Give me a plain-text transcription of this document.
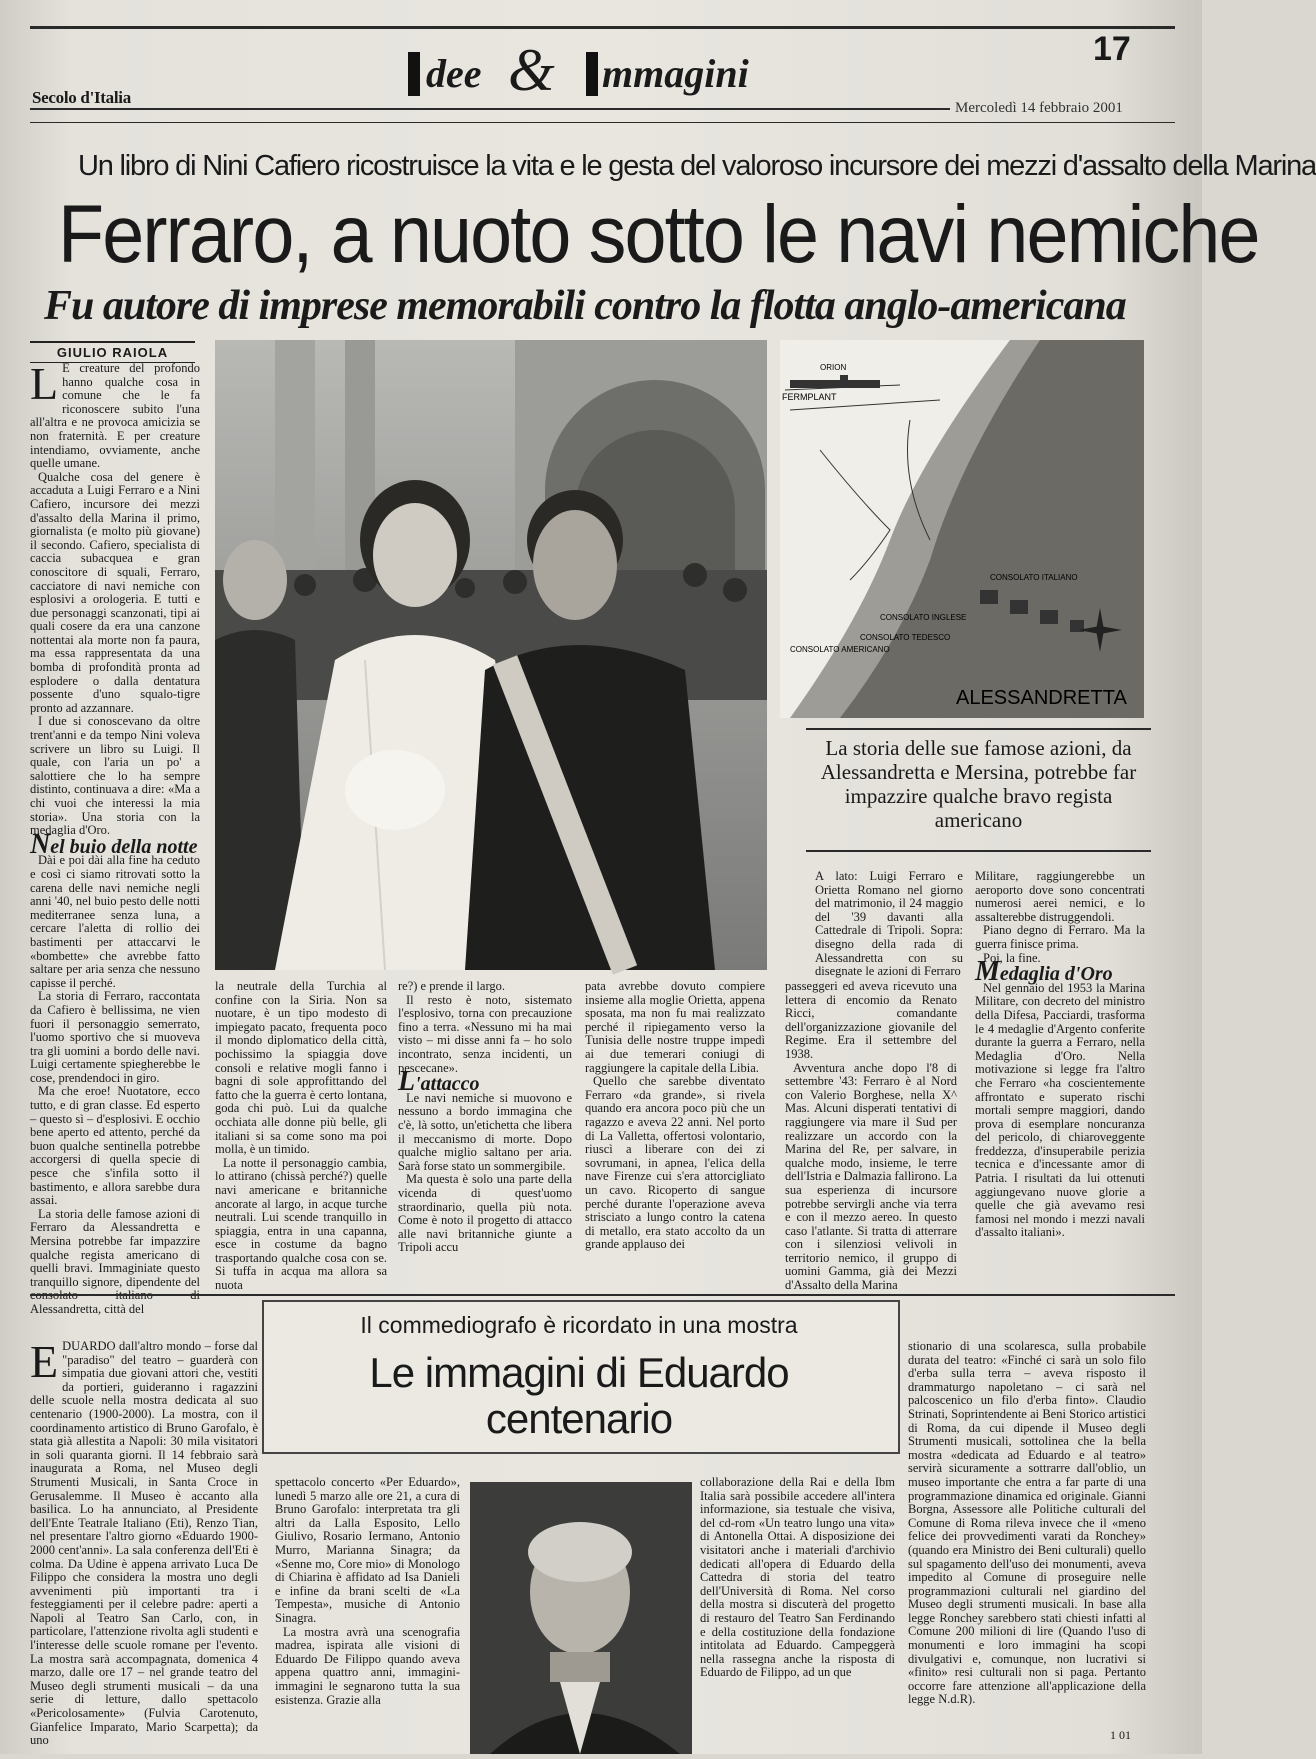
Secolo d'Italia
dee & mmagini
17
Mercoledì 14 febbraio 2001
Un libro di Nini Cafiero ricostruisce la vita e le gesta del valoroso incursore dei mezzi d'assalto della Marina
Ferraro, a nuoto sotto le navi nemiche
Fu autore di imprese memorabili contro la flotta anglo-americana
GIULIO RAIOLA
L E creature del profondo hanno qualche cosa in comune che le fa riconoscere subito l'una all'altra e ne provoca amicizia se non fraternità. E per creature intendiamo, ovviamente, anche quelle umane.

Qualche cosa del genere è accaduta a Luigi Ferraro e a Nini Cafiero, incursore dei mezzi d'assalto della Marina il primo, giornalista (e molto più giovane) il secondo. Cafiero, specialista di caccia subacquea e gran conoscitore di squali, Ferraro, cacciatore di navi nemiche con esplosivi a orologeria. E tutti e due personaggi scanzonati, tipi ai quali cosere da era una canzone nottentai ala morte non fa paura, ma essa rappresentata da una bomba di profondità pronta ad esplodere o dalla dentatura possente d'uno squalo-tigre pronto ad azzannare.

I due si conoscevano da oltre trent'anni e da tempo Nini voleva scrivere un libro su Luigi. Il quale, con l'aria un po' a salottiere che lo ha sempre distinto, continuava a dire: «Ma a chi vuoi che interessi la mia storia». Una storia con la medaglia d'Oro.

Nel buio della notte

Dài e poi dài alla fine ha ceduto e così ci siamo ritrovati sotto la carena delle navi nemiche negli anni '40, nel buio pesto delle notti mediterranee senza luna, a cercare l'aletta di rollio dei bastimenti per attaccarvi le «bombette» che avrebbe fatto saltare per aria senza che nessuno capisse il perché.

La storia di Ferraro, raccontata da Cafiero è bellissima, ne vien fuori il personaggio semerrato, l'uomo sportivo che si muoveva tra gli uomini a bordo delle navi. Luigi certamente spiegherebbe le cose, prendendoci in giro.

Ma che eroe! Nuotatore, ecco tutto, e di gran classe. Ed esperto – questo sì – d'esplosivi. E occhio bene aperto ed attento, perché da buon qualche sentinella potrebbe accorgersi di quella specie di pesce che s'infila sotto il bastimento, e allora sarebbe dura assai.

La storia delle famose azioni di Ferraro da Alessandretta e Mersina potrebbe far impazzire qualche regista americano di quelli bravi. Immaginiate questo tranquillo signore, dipendente del Alessandretta, città del

FERMPLANT
ORION
CONSOLATO AMERICANO
CONSOLATO INGLESE
CONSOLATO TEDESCO
CONSOLATO ITALIANO
ALESSANDRETTA
La storia delle sue famose azioni, da Alessandretta e Mersina, potrebbe far impazzire qualche bravo regista americano

la neutrale della Turchia al confine con la Siria. Non sa nuotare, è un tipo modesto di impiegato pacato, frequenta poco il mondo diplomatico della città, pochissimo la spiaggia dove consoli e relative mogli fanno i bagni di sole approfittando del fatto che la guerra è certo lontana, goda chi può. Lui da qualche occhiata alle donne più belle, gli italiani si sa come sono ma poi molla, è un timido.

La notte il personaggio cambia, lo attirano (chissà perché?) quelle navi americane e britanniche ancorate al largo, in acque turche neutrali. Lui scende tranquillo in spiaggia, entra in una capanna, esce in costume da bagno trasportando qualche cosa con se. Si tuffa in acqua ma allora sa nuota

re?) e prende il largo.

Il resto è noto, sistemato l'esplosivo, torna con precauzione fino a terra. «Nessuno mi ha mai visto – mi disse anni fa – ho solo incontrato, senza incidenti, un pescecane».

L'attacco

Le navi nemiche si muovono e nessuno a bordo immagina che c'è, là sotto, un'etichetta che libera il meccanismo di morte. Dopo qualche miglio saltano per aria. Sarà forse stato un sommergibile.

Ma questa è solo una parte della vicenda di quest'uomo straordinario, quella più nota. Come è noto il progetto di attacco alle navi britanniche giunte a Tripoli accu

pata avrebbe dovuto compiere insieme alla moglie Orietta, appena sposata, ma non fu mai realizzato perché il ripiegamento verso la Tunisia delle nostre truppe impedì ai due temerari coniugi di raggiungere la capitale della Libia.

Quello che sarebbe diventato Ferraro «da grande», si rivela quando era ancora poco più che un ragazzo e aveva 22 anni. Nel porto di La Valletta, offertosi volontario, riuscì a liberare con dei zi sovrumani, in apnea, l'elica della nave Firenze cui s'era attorcigliato un cavo. Ricoperto di sangue perché durante l'operazione aveva strisciato a lungo contro la catena di metallo, era stato accolto da un grande applauso dei

A lato: Luigi Ferraro e Orietta Romano nel giorno del matrimonio, il 24 maggio del '39 davanti alla Cattedrale di Tripoli. Sopra: disegno della rada di Alessandretta con su disegnate le azioni di Ferraro

passeggeri ed aveva ricevuto una lettera di encomio da Renato Ricci, comandante dell'organizzazione giovanile del Regime. Era il settembre del 1938.

Avventura anche dopo l'8 di settembre '43: Ferraro è al Nord con Valerio Borghese, nella X^ Mas. Alcuni disperati tentativi di raggiungere via mare il Sud per realizzare un accordo con la Marina del Re, per salvare, in qualche modo, insieme, le terre dell'Istria e Dalmazia fallirono. La sua esperienza di incursore potrebbe servirgli anche via terra e con il mezzo aereo. In questo caso l'atlante. Si tratta di atterrare con i silenziosi velivoli in territorio nemico, il gruppo di uomini Gamma, già dei Mezzi d'Assalto della Marina

Militare, raggiungerebbe un aeroporto dove sono concentrati numerosi aerei nemici, e lo assalterebbe distruggendoli.

Piano degno di Ferraro. Ma la guerra finisce prima.

Poi, la fine.

Medaglia d'Oro

Nel gennaio del 1953 la Marina Militare, con decreto del ministro della Difesa, Pacciardi, trasforma le 4 medaglie d'Argento conferite durante la guerra a Ferraro, nella Medaglia d'Oro. Nella motivazione si legge fra l'altro che Ferraro «ha coscientemente affrontato e superato rischi mortali sempre maggiori, dando prova di esemplare noncuranza del pericolo, di chiaroveggente freddezza, d'insuperabile perizia tecnica e d'incessante amor di Patria. I risultati da lui ottenuti aggiungevano nuove glorie a quelle che già avevamo resi famosi nel mondo i mezzi navali d'assalto italiani».

Il commediografo è ricordato in una mostra
Le immagini di Eduardo
centenario
E DUARDO dall'altro mondo – forse dal "paradiso" del teatro – guarderà con simpatia due giovani attori che, vestiti da portieri, guideranno i ragazzini delle scuole nella mostra dedicata al suo centenario (1900-2000). La mostra, con il coordinamento artistico di Bruno Garofalo, è stata già allestita a Napoli: 30 mila visitatori in soli quaranta giorni. Il 14 febbraio sarà inaugurata a Roma, nel Museo degli Strumenti Musicali, in Santa Croce in Gerusalemme. Il Museo è accanto alla basilica. Lo ha annunciato, al Presidente dell'Ente Teatrale Italiano (Eti), Renzo Tian, nel presentare l'altro giorno «Eduardo 1900-2000 cent'anni». La sala conferenza dell'Eti è colma. Da Udine è appena arrivato Luca De Filippo che considera la mostra uno degli avvenimenti più importanti tra i festeggiamenti per il celebre padre: aperti a Napoli al Teatro San Carlo, con, in particolare, l'attenzione rivolta agli studenti e l'interesse delle scuole romane per l'evento. La mostra sarà accompagnata, domenica 4 marzo, dalle ore 17 – nel grande teatro del Museo degli strumenti musicali – da una serie di letture, dallo spettacolo «Pericolosamente» (Fulvia Carotenuto, Gianfelice Imparato, Mario Scarpetta); da uno

spettacolo concerto «Per Eduardo», lunedì 5 marzo alle ore 21, a cura di Bruno Garofalo: interpretata tra gli altri da Lalla Esposito, Lello Giulivo, Rosario Iermano, Antonio Murro, Marianna Sinagra; da «Senne mo, Core mio» di Monologo di Chiarina è affidato ad Isa Danieli e infine da brani scelti de «La Tempesta», musiche di Antonio Sinagra.

La mostra avrà una scenografia madrea, ispirata alle visioni di Eduardo De Filippo quando aveva appena quattro anni, immagini-immagini le segnarono tutta la sua esistenza. Grazie alla

collaborazione della Rai e della Ibm Italia sarà possibile accedere all'intera informazione, sia testuale che visiva, del cd-rom «Un teatro lungo una vita» di Antonella Ottai. A disposizione dei visitatori anche i materiali d'archivio dedicati all'opera di Eduardo della Cattedra di storia del teatro dell'Università di Roma. Nel corso della mostra si discuterà del progetto di restauro del Teatro San Ferdinando e della costituzione della fondazione intitolata ad Eduardo. Campeggerà nella rassegna anche la risposta di Eduardo de Filippo, ad un que

stionario di una scolaresca, sulla probabile durata del teatro: «Finché ci sarà un solo filo d'erba sulla terra – aveva risposto il drammaturgo napoletano – ci sarà nel palcoscenico un filo d'erba finto». Claudio Strinati, Soprintendente ai Beni Storico artistici di Roma, da cui dipende il Museo degli Strumenti musicali, sottolinea che la bella mostra «dedicata ad Eduardo e al teatro» servirà sicuramente a sottrarre dall'oblio, un museo importante che entra a far parte di una programmazione dinamica ed originale. Gianni Borgna, Assessore alle Politiche culturali del Comune di Roma rileva invece che il «meno felice dei provvedimenti varati da Ronchey» (quando era Ministro dei Beni culturali) quello sul spagamento dell'uso dei monumenti, aveva impedito al Comune di proseguire nelle programmazioni culturali nel giardino del Museo degli strumenti musicali. In base alla legge Ronchey sarebbero stati chiesti infatti al Comune 200 milioni di lire (Quando l'uso di monumenti e loro immagini ha scopi divulgativi e, comunque, non lucrativi si «finito» resi culturali non si paga. Pertanto occorre fare attenzione all'applicazione della legge N.d.R).

1 01
